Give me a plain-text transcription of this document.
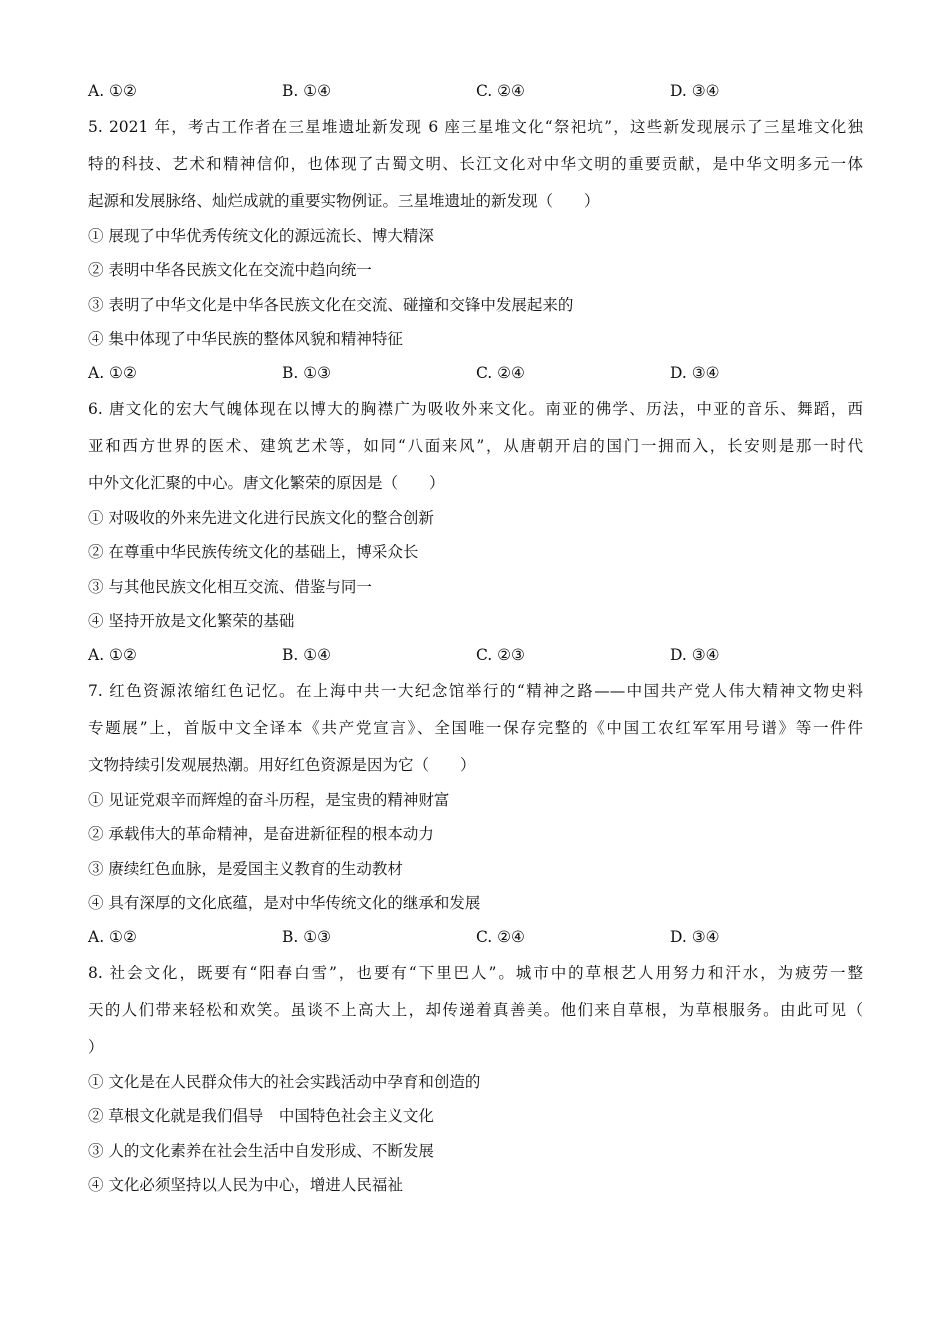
A. ①②	B. ①④	C. ②④	D. ③④
5. 2021 年，考古工作者在三星堆遗址新发现 6 座三星堆文化“祭祀坑”，这些新发现展示了三星堆文化独
特的科技、艺术和精神信仰，也体现了古蜀文明、长江文化对中华文明的重要贡献，是中华文明多元一体
起源和发展脉络、灿烂成就的重要实物例证。三星堆遗址的新发现（　　）
① 展现了中华优秀传统文化的源远流长、博大精深
② 表明中华各民族文化在交流中趋向统一
③ 表明了中华文化是中华各民族文化在交流、碰撞和交锋中发展起来的
④ 集中体现了中华民族的整体风貌和精神特征
A. ①②	B. ①③	C. ②④	D. ③④
6. 唐文化的宏大气魄体现在以博大的胸襟广为吸收外来文化。南亚的佛学、历法，中亚的音乐、舞蹈，西
亚和西方世界的医术、建筑艺术等，如同“八面来风”，从唐朝开启的国门一拥而入，长安则是那一时代
中外文化汇聚的中心。唐文化繁荣的原因是（　　）
① 对吸收的外来先进文化进行民族文化的整合创新
② 在尊重中华民族传统文化的基础上，博采众长
③ 与其他民族文化相互交流、借鉴与同一
④ 坚持开放是文化繁荣的基础
A. ①②	B. ①④	C. ②③	D. ③④
7. 红色资源浓缩红色记忆。在上海中共一大纪念馆举行的“精神之路——中国共产党人伟大精神文物史料
专题展”上，首版中文全译本《共产党宣言》、全国唯一保存完整的《中国工农红军军用号谱》等一件件
文物持续引发观展热潮。用好红色资源是因为它（　　）
① 见证党艰辛而辉煌的奋斗历程，是宝贵的精神财富
② 承载伟大的革命精神，是奋进新征程的根本动力
③ 赓续红色血脉，是爱国主义教育的生动教材
④ 具有深厚的文化底蕴，是对中华传统文化的继承和发展
A. ①②	B. ①③	C. ②④	D. ③④
8. 社会文化，既要有“阳春白雪”，也要有“下里巴人”。城市中的草根艺人用努力和汗水，为疲劳一整
天的人们带来轻松和欢笑。虽谈不上高大上，却传递着真善美。他们来自草根，为草根服务。由此可见（
）
① 文化是在人民群众伟大的社会实践活动中孕育和创造的
② 草根文化就是我们倡导　中国特色社会主义文化
③ 人的文化素养在社会生活中自发形成、不断发展
④ 文化必须坚持以人民为中心，增进人民福祉
